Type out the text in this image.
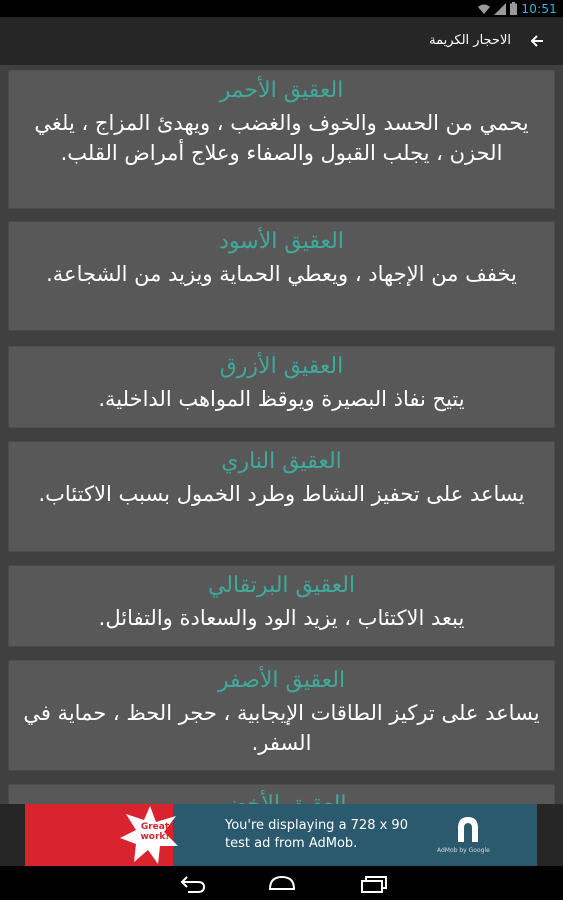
10:51
الاحجار الكريمة
العقيق الأحمر
يحمي من الحسد والخوف والغضب ، ويهدئ المزاج ، يلغي الحزن ، يجلب القبول والصفاء وعلاج أمراض القلب.
العقيق الأسود
يخفف من الإجهاد ، ويعطي الحماية ويزيد من الشجاعة.
العقيق الأزرق
يتيح نفاذ البصيرة ويوقظ المواهب الداخلية.
العقيق الناري
يساعد على تحفيز النشاط وطرد الخمول بسبب الاكتئاب.
العقيق البرتقالي
يبعد الاكتئاب ، يزيد الود والسعادة والتفائل.
العقيق الأصفر
يساعد على تركيز الطاقات الإيجابية ، حجر الحظ ، حماية في السفر.
Great work!
You're displaying a 728 x 90 test ad from AdMob.	AdMob by Google
